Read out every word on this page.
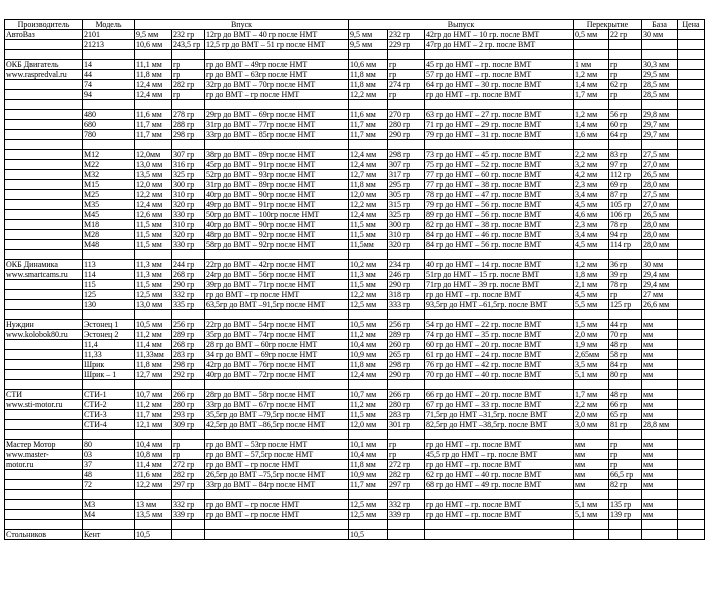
Производитель	Модель	Впуск			Выпуск			Перекрытие		База	Цена
АвтоВаз	2101	9,5 мм	232 гр	12гр до ВМТ – 40 гр после НМТ	9,5 мм	232 гр	42гр до НМТ – 10 гр. после ВМТ	0,5 мм	22 гр	30 мм	
	21213	10,6 мм	243,5 гр	12,5 гр до ВМТ – 51 гр после НМТ	9,5 мм	229 гр	47гр до НМТ – 2 гр. после ВМТ				

ОКБ Двигатель	14	11,1 мм	гр	гр до ВМТ – 49гр после НМТ	10,6 мм	гр	45 гр до НМТ – гр. после ВМТ	1 мм	гр	30,3 мм	
www.raspredval.ru	44	11,8 мм	гр	гр до ВМТ – 63гр после НМТ	11,8 мм	гр	57 гр до НМТ – гр. после ВМТ	1,2 мм	гр	29,5 мм	
	74	12,4 мм	282 гр	32гр до ВМТ – 70гр после НМТ	11,8 мм	274 гр	64 гр до НМТ – 30 гр. после ВМТ	1,4 мм	62 гр	28,5 мм	
	94	12,4 мм	гр	гр до ВМТ – гр после НМТ	12,2 мм	гр	гр до НМТ – гр. после ВМТ	1,7 мм	гр	28,5 мм	

	480	11,6 мм	278 гр	29гр до ВМТ – 69гр после НМТ	11,6 мм	270 гр	63 гр до НМТ – 27 гр. после ВМТ	1,2 мм	56 гр	29,8 мм	
	680	11,7 мм	288 гр	31гр до ВМТ – 77гр после НМТ	11,7 мм	280 гр	71 гр до НМТ – 29 гр. после ВМТ	1,4 мм	60 гр	29,7 мм	
	780	11,7 мм	298 гр	33гр до ВМТ – 85гр после НМТ	11,7 мм	290 гр	79 гр до НМТ – 31 гр. после ВМТ	1,6 мм	64 гр	29,7 мм	

	M12	12,0мм	307 гр	38гр до ВМТ – 89гр после НМТ	12,4 мм	298 гр	73 гр до НМТ – 45 гр. после ВМТ	2,2 мм	83 гр	27,5 мм	
	M22	13,0 мм	316 гр	45гр до ВМТ – 91гр после НМТ	12,4 мм	307 гр	75 гр до НМТ – 52 гр. после ВМТ	3,2 мм	97 гр	27,0 мм	
	M32	13,5 мм	325 гр	52гр до ВМТ – 93гр после НМТ	12,7 мм	317 гр	77 гр до НМТ – 60 гр. после ВМТ	4,2 мм	112 гр	26,5 мм	
	M15	12,0 мм	300 гр	31гр до ВМТ – 89гр после НМТ	11,8 мм	295 гр	77 гр до НМТ – 38 гр. после ВМТ	2,3 мм	69 гр	28,0 мм	
	M25	12,2 мм	310 гр	40гр до ВМТ – 90гр после НМТ	12,0 мм	305 гр	78 гр до НМТ – 47 гр. после ВМТ	3,4 мм	87 гр	27,5 мм	
	M35	12,4 мм	320 гр	49гр до ВМТ – 91гр после НМТ	12,2 мм	315 гр	79 гр до НМТ – 56 гр. после ВМТ	4,5 мм	105 гр	27,0 мм	
	M45	12,6 мм	330 гр	50гр до ВМТ – 100гр после НМТ	12,4 мм	325 гр	89 гр до НМТ – 56 гр. после ВМТ	4,6 мм	106 гр	26,5 мм	
	M18	11,5 мм	310 гр	40гр до ВМТ – 90гр после НМТ	11,5 мм	300 гр	82 гр до НМТ – 38 гр. после ВМТ	2,3 мм	78 гр	28,0 мм	
	M28	11,5 мм	320 гр	48гр до ВМТ – 92гр после НМТ	11,5 мм	310 гр	84 гр до НМТ – 46 гр. после ВМТ	3,4 мм	94 гр	28,0 мм	
	M48	11,5 мм	330 гр	58гр до ВМТ – 92гр после НМТ	11,5мм	320 гр	84 гр до НМТ – 56 гр. после ВМТ	4,5 мм	114 гр	28,0 мм	

ОКБ Динамика	113	11,3 мм	244 гр	22гр до ВМТ – 42гр после НМТ	10,2 мм	234 гр	40 гр до НМТ – 14 гр. после ВМТ	1,2 мм	36 гр	30 мм	
www.smartcams.ru	114	11,3 мм	268 гр	24гр до ВМТ – 56гр после НМТ	11,3 мм	246 гр	51гр до НМТ – 15 гр. после ВМТ	1,8 мм	39 гр	29,4 мм	
	115	11,5 мм	290 гр	39гр до ВМТ – 71гр после НМТ	11,5 мм	290 гр	71гр до НМТ – 39 гр. после ВМТ	2,1 мм	78 гр	29,4 мм	
	125	12,5 мм	332 гр	гр до ВМТ – гр после НМТ	12,2 мм	318 гр	гр до НМТ – гр. после ВМТ	4,5 мм	гр	27 мм	
	130	13,0 мм	335 гр	63,5гр до ВМТ –91,5гр после НМТ	12,5 мм	333 гр	93,5гр до НМТ –61,5гр. после ВМТ	5,5 мм	125 гр	26,6 мм	

Нуждин	Эстонец 1	10,5 мм	256 гр	22гр до ВМТ – 54гр после НМТ	10,5 мм	256 гр	54 гр до НМТ – 22 гр. после ВМТ	1,5 мм	44 гр	мм	
www.kolobok80.ru	Эстонец 2	11,2 мм	289 гр	35гр до ВМТ – 74гр после НМТ	11,2 мм	289 гр	74 гр до НМТ – 35 гр. после ВМТ	2,0 мм	70 гр	мм	
	11,4	11,4 мм	268 гр	28 гр до ВМТ – 60гр после НМТ	10,4 мм	260 гр	60 гр до НМТ – 20 гр. после ВМТ	1,9 мм	48 гр	мм	
	11,33	11,33мм	283 гр	34 гр до ВМТ – 69гр после НМТ	10,9 мм	265 гр	61 гр до НМТ – 24 гр. после ВМТ	2,65мм	58 гр	мм	
	Шрик	11,8 мм	298 гр	42гр до ВМТ – 76гр после НМТ	11,8 мм	298 гр	76 гр до НМТ – 42 гр. после ВМТ	3,5 мм	84 гр	мм	
	Шрик – 1	12,7 мм	292 гр	40гр до ВМТ – 72гр после НМТ	12,4 мм	290 гр	70 гр до НМТ – 40 гр. после ВМТ	5,1 мм	80 гр	мм	

СТИ	СТИ-1	10,7 мм	266 гр	28гр до ВМТ – 58гр после НМТ	10,7 мм	266 гр	66 гр до НМТ – 20 гр. после ВМТ	1,7 мм	48 гр	мм	
www.sti-motor.ru	СТИ-2	11,2 мм	280 гр	33гр до ВМТ – 67гр после НМТ	11,2 мм	280 гр	67 гр до НМТ – 33 гр. после ВМТ	2,2 мм	66 гр	мм	
	СТИ-3	11,7 мм	293 гр	35,5гр до ВМТ –79,5гр после НМТ	11,5 мм	283 гр	71,5гр до НМТ –31,5гр. после ВМТ	2,0 мм	65 гр	мм	
	СТИ-4	12,1 мм	309 гр	42,5гр до ВМТ –86,5гр после НМТ	12,0 мм	301 гр	82,5гр до НМТ –38,5гр. после ВМТ	3,0 мм	81 гр	28,8 мм	

Мастер Мотор	80	10,4 мм	гр	гр до ВМТ – 53гр после НМТ	10,1 мм	гр	гр до НМТ – гр. после ВМТ	мм	гр	мм	
www.master-	03	10,8 мм	гр	гр до ВМТ – 57,5гр после НМТ	10,4 мм	гр	45,5 гр до НМТ – гр. после ВМТ	мм	гр	мм	
motor.ru	37	11,4 мм	272 гр	гр до ВМТ – гр после НМТ	11,8 мм	272 гр	гр до НМТ – гр. после ВМТ	мм	гр	мм	
	48	11,6 мм	282 гр	26,5гр до ВМТ –75,5гр после НМТ	10,9 мм	282 гр	62 гр до НМТ – 40 гр. после ВМТ	мм	66,5 гр	мм	
	72	12,2 мм	297 гр	33гр до ВМТ – 84гр после НМТ	11,7 мм	297 гр	68 гр до НМТ – 49 гр. после ВМТ	мм	82 гр	мм	

	M3	13 мм	332 гр	гр до ВМТ – гр после НМТ	12,5 мм	332 гр	гр до НМТ – гр. после ВМТ	5,1 мм	135 гр	мм	
	M4	13,5 мм	339 гр	гр до ВМТ – гр после НМТ	12,5 мм	339 гр	гр до НМТ – гр. после ВМТ	5,1 мм	139 гр	мм	

Стольников	Кент	10,5			10,5						
